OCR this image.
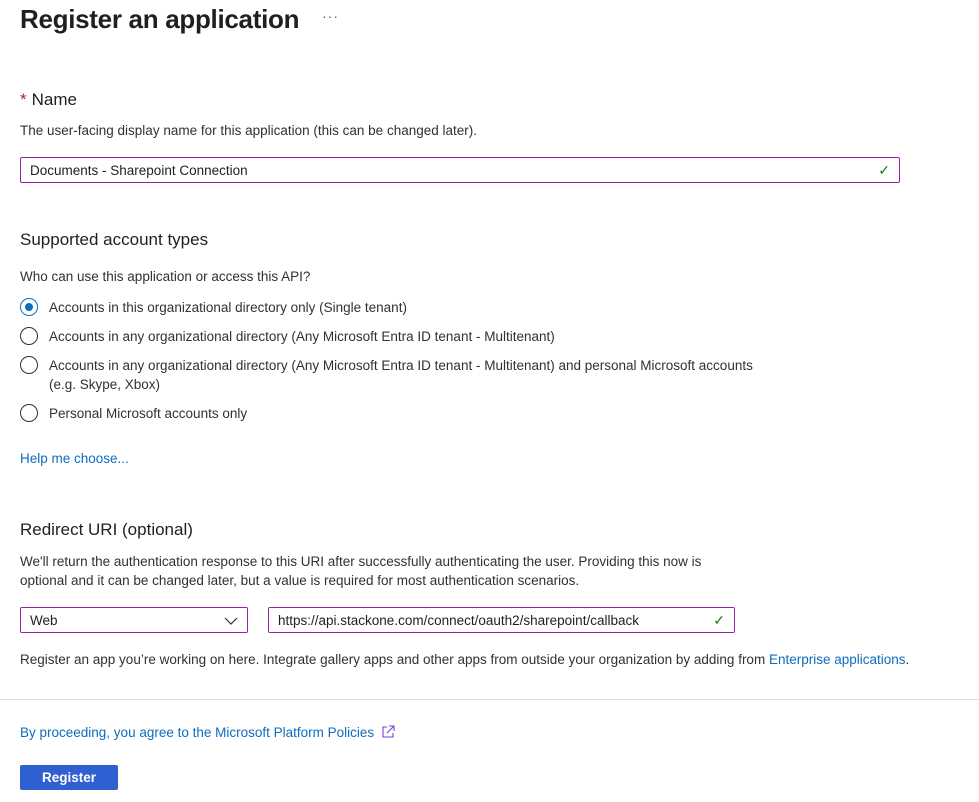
Register an application ···
* Name
The user-facing display name for this application (this can be changed later).
Documents - Sharepoint Connection	✓
Supported account types
Who can use this application or access this API?
Accounts in this organizational directory only (Single tenant)
Accounts in any organizational directory (Any Microsoft Entra ID tenant - Multitenant)
Accounts in any organizational directory (Any Microsoft Entra ID tenant - Multitenant) and personal Microsoft accounts (e.g. Skype, Xbox)
Personal Microsoft accounts only
Help me choose...
Redirect URI (optional)
We'll return the authentication response to this URI after successfully authenticating the user. Providing this now is optional and it can be changed later, but a value is required for most authentication scenarios.
Web	https://api.stackone.com/connect/oauth2/sharepoint/callback	✓
Register an app you’re working on here. Integrate gallery apps and other apps from outside your organization by adding from Enterprise applications.
By proceeding, you agree to the Microsoft Platform Policies
Register
